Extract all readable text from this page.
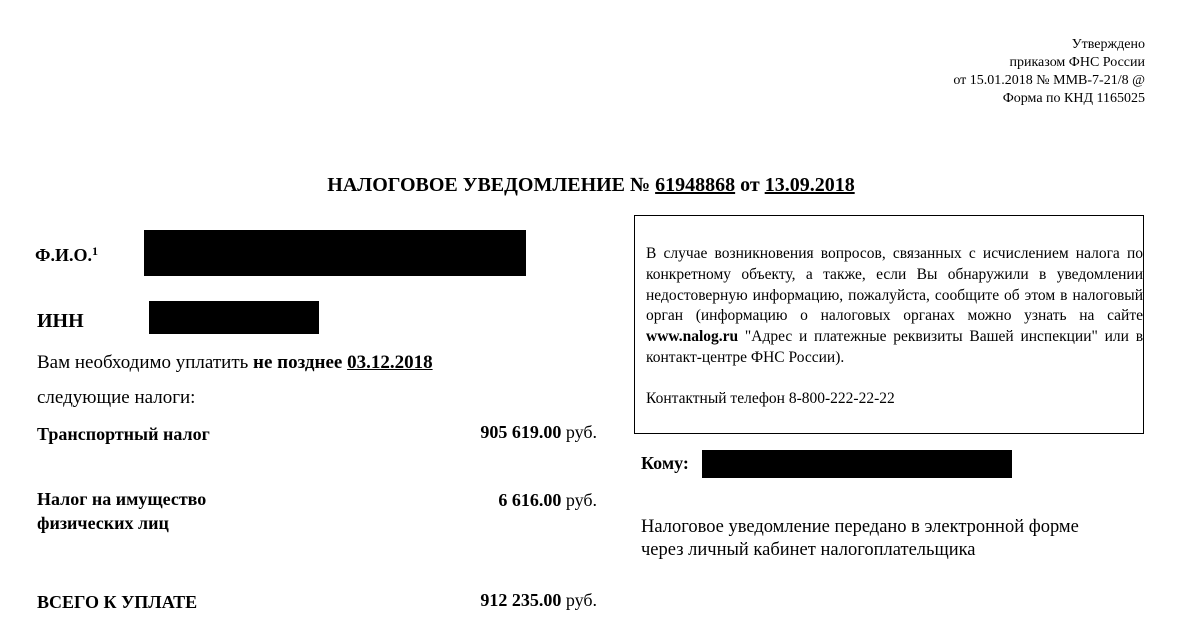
Утверждено
приказом ФНС России
от 15.01.2018 № ММВ-7-21/8 @
Форма по КНД 1165025
НАЛОГОВОЕ УВЕДОМЛЕНИЕ № 61948868 от 13.09.2018
Ф.И.О.$^1$
ИНН
Вам необходимо уплатить не позднее 03.12.2018
следующие налоги:
Транспортный налог	905 619.00 руб.
Налог на имущество
физических лиц
6 616.00 руб.
ВСЕГО К УПЛАТЕ	912 235.00 руб.
В случае возникновения вопросов, связанных с исчислением налога по конкретному объекту, а также, если Вы обнаружили в уведомлении недостоверную информацию, пожалуйста, сообщите об этом в налоговый орган (информацию о налоговых органах можно узнать на сайте www.nalog.ru "Адрес и платежные реквизиты Вашей инспекции" или в контакт-центре ФНС России).
Контактный телефон 8-800-222-22-22
Кому:
Налоговое уведомление передано в электронной форме
через личный кабинет налогоплательщика
